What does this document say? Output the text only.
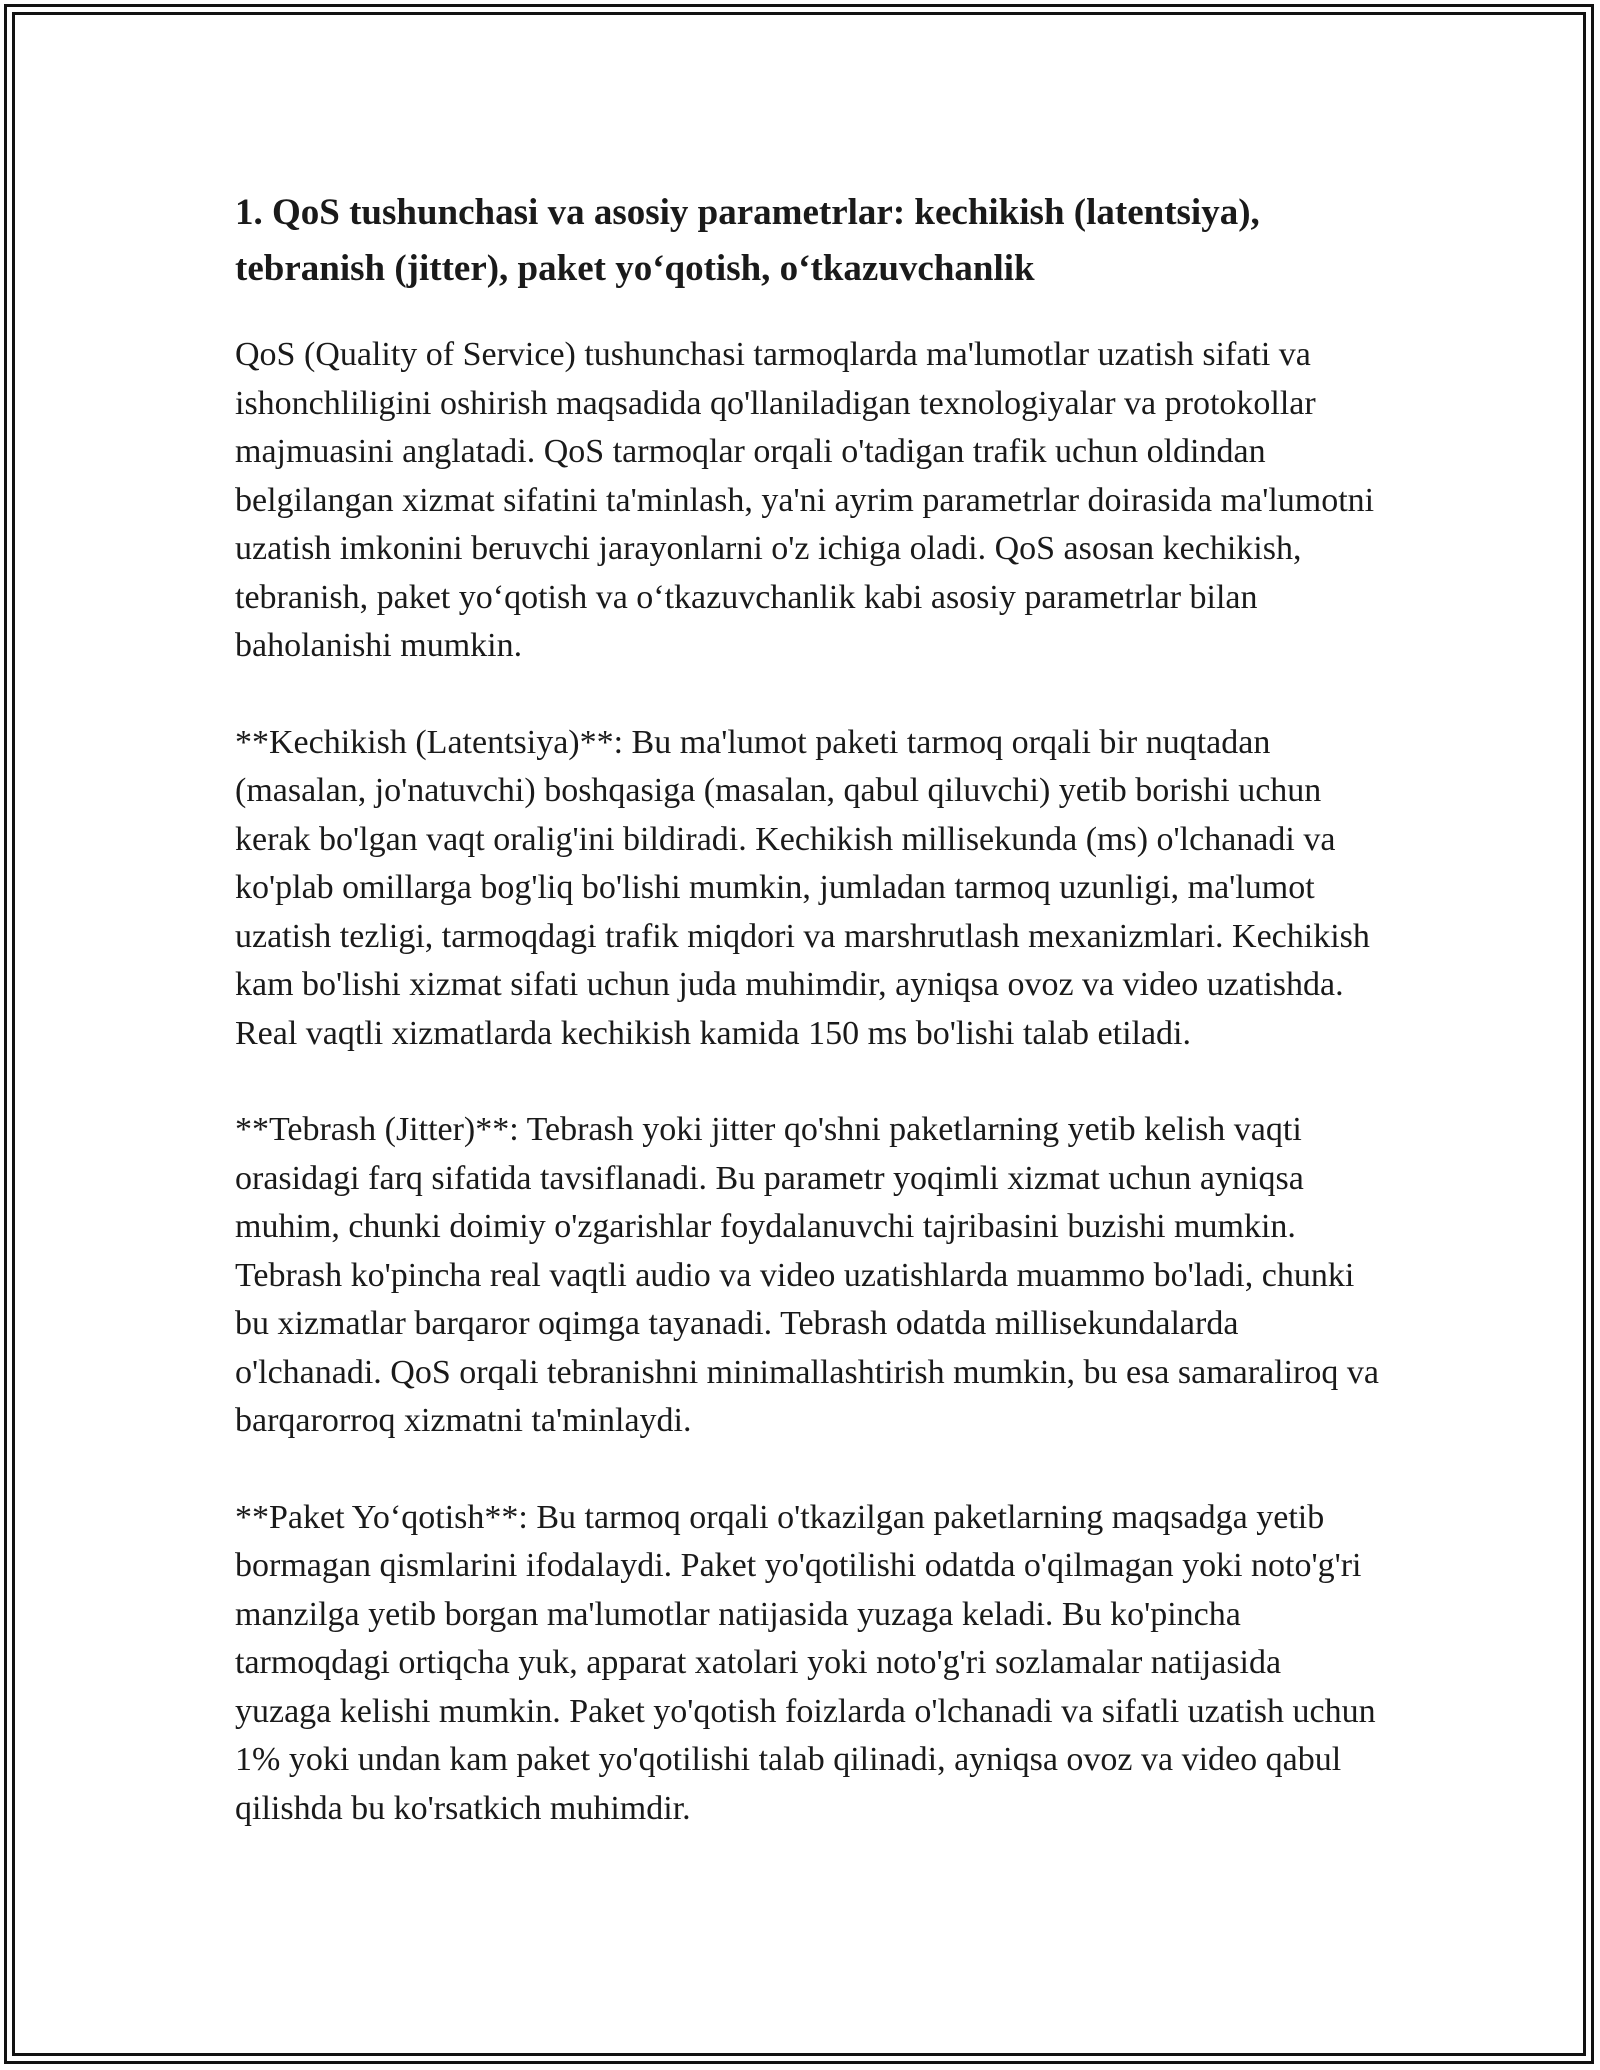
1. QoS tushunchasi va asosiy parametrlar: kechikish (latentsiya), tebranish (jitter), paket yo‘qotish, o‘tkazuvchanlik

QoS (Quality of Service) tushunchasi tarmoqlarda ma'lumotlar uzatish sifati va ishonchliligini oshirish maqsadida qo'llaniladigan texnologiyalar va protokollar majmuasini anglatadi. QoS tarmoqlar orqali o'tadigan trafik uchun oldindan belgilangan xizmat sifatini ta'minlash, ya'ni ayrim parametrlar doirasida ma'lumotni uzatish imkonini beruvchi jarayonlarni o'z ichiga oladi. QoS asosan kechikish, tebranish, paket yo‘qotish va o‘tkazuvchanlik kabi asosiy parametrlar bilan baholanishi mumkin.

**Kechikish (Latentsiya)**: Bu ma'lumot paketi tarmoq orqali bir nuqtadan (masalan, jo'natuvchi) boshqasiga (masalan, qabul qiluvchi) yetib borishi uchun kerak bo'lgan vaqt oralig'ini bildiradi. Kechikish millisekunda (ms) o'lchanadi va ko'plab omillarga bog'liq bo'lishi mumkin, jumladan tarmoq uzunligi, ma'lumot uzatish tezligi, tarmoqdagi trafik miqdori va marshrutlash mexanizmlari. Kechikish kam bo'lishi xizmat sifati uchun juda muhimdir, ayniqsa ovoz va video uzatishda. Real vaqtli xizmatlarda kechikish kamida 150 ms bo'lishi talab etiladi.

**Tebrash (Jitter)**: Tebrash yoki jitter qo'shni paketlarning yetib kelish vaqti orasidagi farq sifatida tavsiflanadi. Bu parametr yoqimli xizmat uchun ayniqsa muhim, chunki doimiy o'zgarishlar foydalanuvchi tajribasini buzishi mumkin. Tebrash ko'pincha real vaqtli audio va video uzatishlarda muammo bo'ladi, chunki bu xizmatlar barqaror oqimga tayanadi. Tebrash odatda millisekundalarda o'lchanadi. QoS orqali tebranishni minimallashtirish mumkin, bu esa samaraliroq va barqarorroq xizmatni ta'minlaydi.

**Paket Yo‘qotish**: Bu tarmoq orqali o'tkazilgan paketlarning maqsadga yetib bormagan qismlarini ifodalaydi. Paket yo'qotilishi odatda o'qilmagan yoki noto'g'ri manzilga yetib borgan ma'lumotlar natijasida yuzaga keladi. Bu ko'pincha tarmoqdagi ortiqcha yuk, apparat xatolari yoki noto'g'ri sozlamalar natijasida yuzaga kelishi mumkin. Paket yo'qotish foizlarda o'lchanadi va sifatli uzatish uchun 1% yoki undan kam paket yo'qotilishi talab qilinadi, ayniqsa ovoz va video qabul qilishda bu ko'rsatkich muhimdir.
